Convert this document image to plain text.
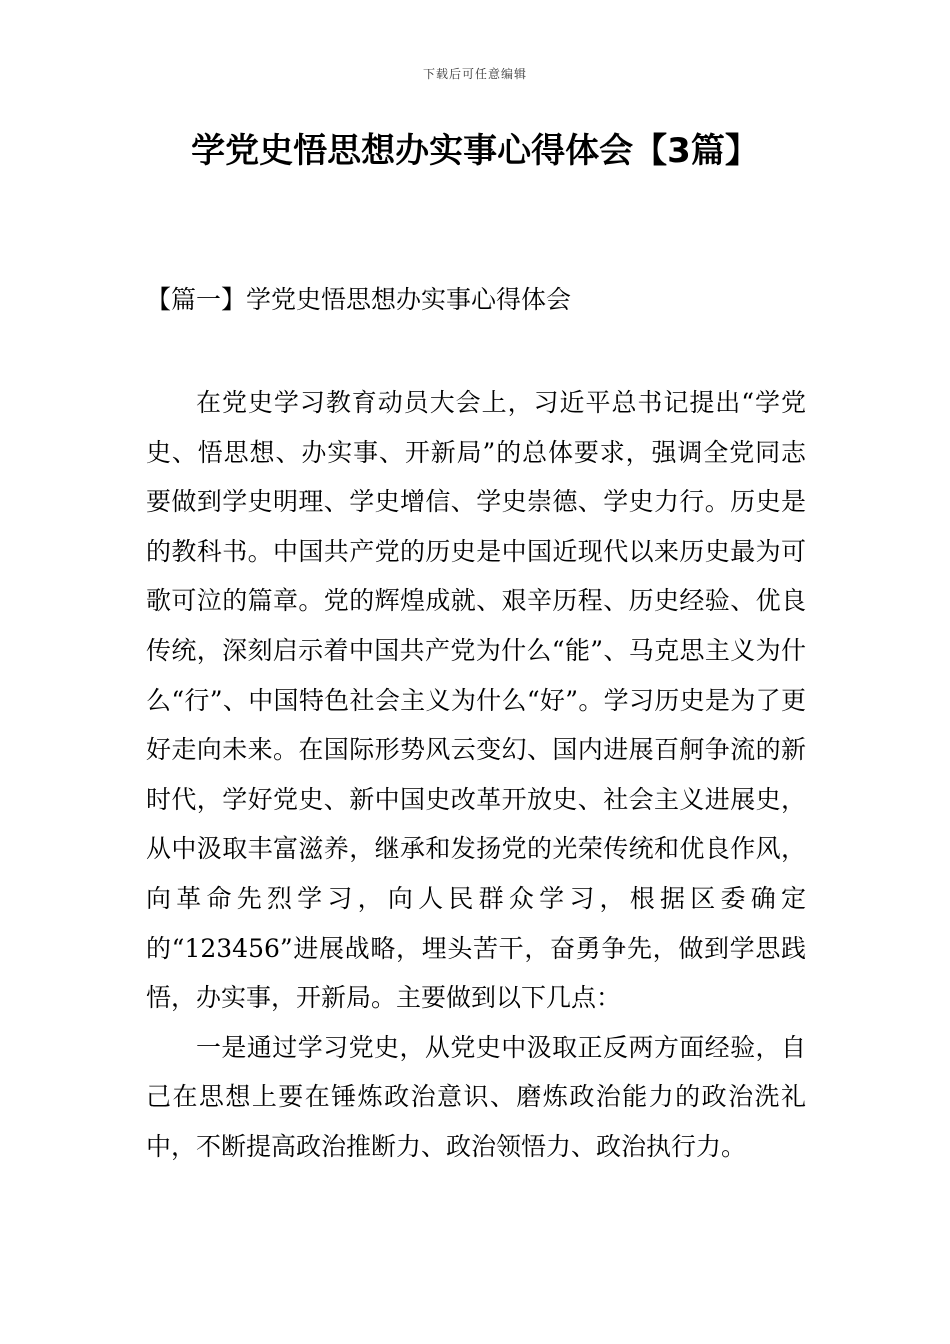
下载后可任意编辑
学党史悟思想办实事心得体会【3篇】
【篇一】学党史悟思想办实事心得体会

在党史学习教育动员大会上，习近平总书记提出“学党史、悟思想、办实事、开新局”的总体要求，强调全党同志要做到学史明理、学史增信、学史崇德、学史力行。历史是的教科书。中国共产党的历史是中国近现代以来历史最为可歌可泣的篇章。党的辉煌成就、艰辛历程、历史经验、优良传统，深刻启示着中国共产党为什么“能”、马克思主义为什么“行”、中国特色社会主义为什么“好”。学习历史是为了更好走向未来。在国际形势风云变幻、国内进展百舸争流的新时代，学好党史、新中国史改革开放史、社会主义进展史，从中汲取丰富滋养，继承和发扬党的光荣传统和优良作风，向革命先烈学习，向人民群众学习，根据区委确定的“123456”进展战略，埋头苦干，奋勇争先，做到学思践悟，办实事，开新局。主要做到以下几点：

一是通过学习党史，从党史中汲取正反两方面经验，自己在思想上要在锤炼政治意识、磨炼政治能力的政治洗礼中，不断提高政治推断力、政治领悟力、政治执行力。
